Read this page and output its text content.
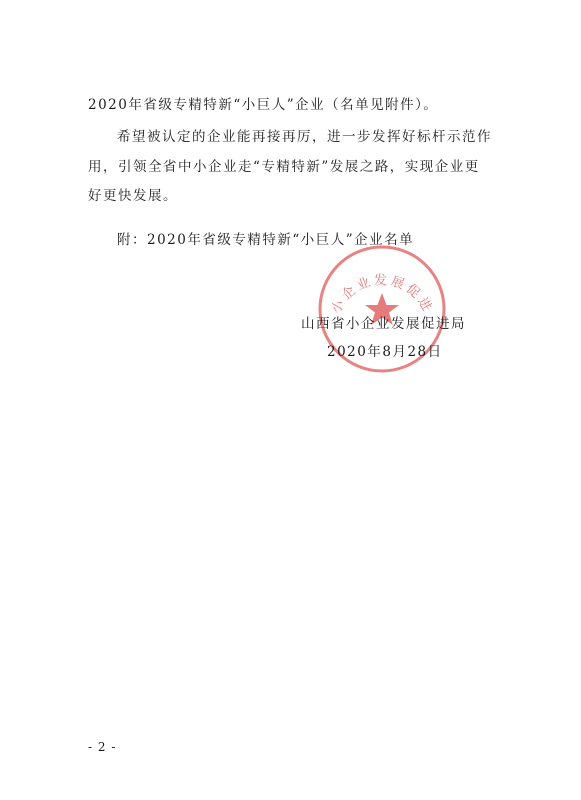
2020年省级专精特新“小巨人”企业（名单见附件）。
希望被认定的企业能再接再厉，进一步发挥好标杆示范作
用，引领全省中小企业走“专精特新”发展之路，实现企业更
好更快发展。
附：2020年省级专精特新“小巨人”企业名单
小企业发展促进
山西省小企业发展促进局
2020年8月28日
- 2 -
